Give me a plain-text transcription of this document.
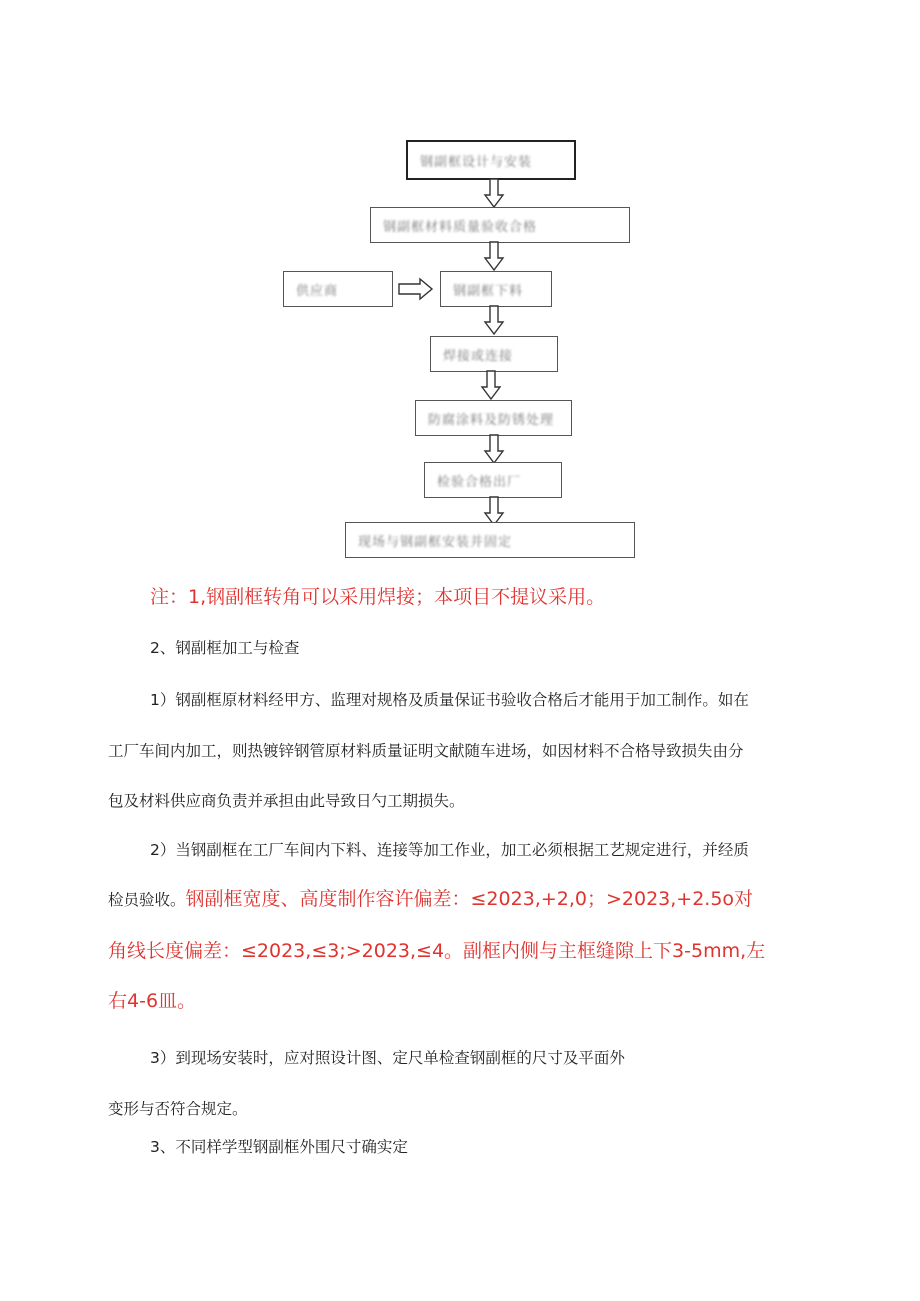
钢副框设计与安装
钢副框材料质量验收合格
供应商	钢副框下料
焊接或连接
防腐涂料及防锈处理
检验合格出厂
现场与钢副框安装并固定
注：1,钢副框转角可以采用焊接；本项目不提议采用。
2、钢副框加工与检查
1）钢副框原材料经甲方、监理对规格及质量保证书验收合格后才能用于加工制作。如在
工厂车间内加工，则热镀锌钢管原材料质量证明文献随车进场，如因材料不合格导致损失由分
包及材料供应商负责并承担由此导致日勺工期损失。
2）当钢副框在工厂车间内下料、连接等加工作业，加工必须根据工艺规定进行，并经质
检员验收。钢副框宽度、高度制作容许偏差：≤2023,+2,0；>2023,+2.5o对
角线长度偏差：≤2023,≤3;>2023,≤4。副框内侧与主框缝隙上下3-5mm,左
右4-6皿。
3）到现场安装时，应对照设计图、定尺单检查钢副框的尺寸及平面外
变形与否符合规定。
3、不同样学型钢副框外围尺寸确实定
